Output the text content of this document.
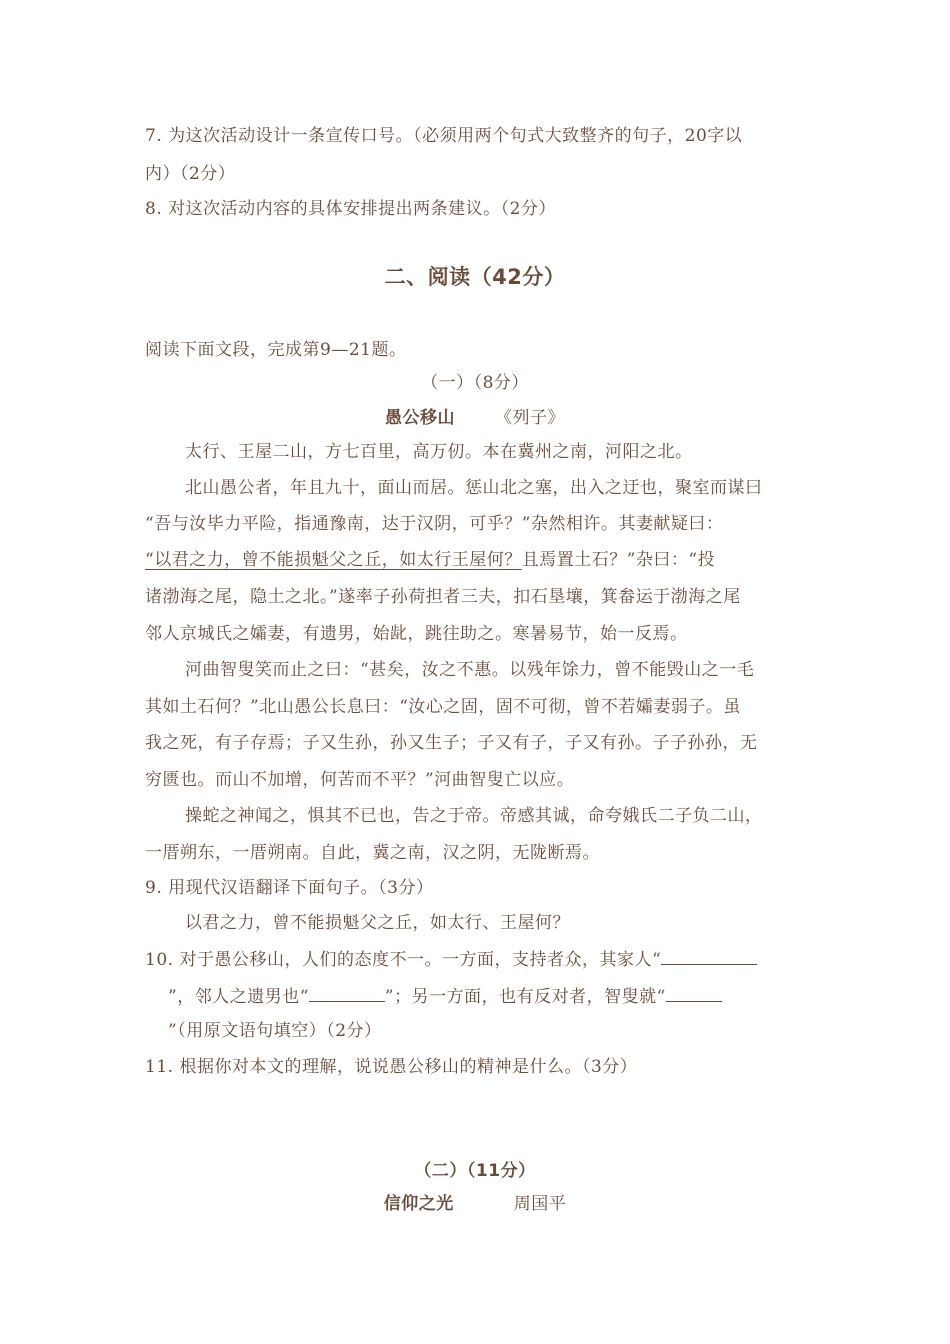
7. 为这次活动设计一条宣传口号。（必须用两个句式大致整齐的句子，20字以
内）（2分）
8. 对这次活动内容的具体安排提出两条建议。（2分）
二、阅读（42分）
阅读下面文段，完成第9—21题。
（一）（8分）
愚公移山 《列子》
太行、王屋二山，方七百里，高万仞。本在冀州之南，河阳之北。
北山愚公者，年且九十，面山而居。惩山北之塞，出入之迂也，聚室而谋曰
“吾与汝毕力平险，指通豫南，达于汉阴，可乎？”杂然相许。其妻献疑曰：
“以君之力，曾不能损魁父之丘，如太行王屋何？且焉置土石？”杂曰：“投
诸渤海之尾，隐土之北。”遂率子孙荷担者三夫，扣石垦壤，箕畚运于渤海之尾
邻人京城氏之孀妻，有遗男，始龀，跳往助之。寒暑易节，始一反焉。
河曲智叟笑而止之曰：“甚矣，汝之不惠。以残年馀力，曾不能毁山之一毛
其如土石何？”北山愚公长息曰：“汝心之固，固不可彻，曾不若孀妻弱子。虽
我之死，有子存焉；子又生孙，孙又生子；子又有子，子又有孙。子子孙孙，无
穷匮也。而山不加增，何苦而不平？”河曲智叟亡以应。
操蛇之神闻之，惧其不已也，告之于帝。帝感其诚，命夸娥氏二子负二山，
一厝朔东，一厝朔南。自此，冀之南，汉之阴，无陇断焉。
9. 用现代汉语翻译下面句子。（3分）
以君之力，曾不能损魁父之丘，如太行、王屋何？
10. 对于愚公移山，人们的态度不一。一方面，支持者众，其家人“
”，邻人之遗男也“	”；另一方面，也有反对者，智叟就“
”（用原文语句填空）（2分）
11. 根据你对本文的理解，说说愚公移山的精神是什么。（3分）
（二）（11分）
信仰之光	周国平
